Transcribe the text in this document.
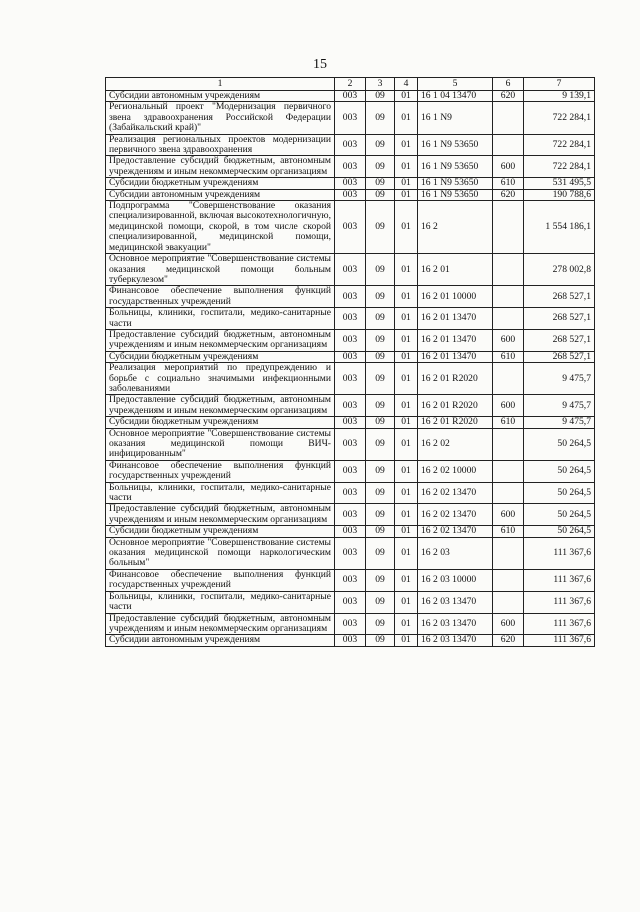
15
1	2	3	4	5	6	7
Субсидии автономным учреждениям	003	09	01	16 1 04 13470	620	9 139,1
Региональный проект "Модернизация первичного звена здравоохранения Российской Федерации (Забайкальский край)"	003	09	01	16 1 N9		722 284,1
Реализация региональных проектов модернизации первичного звена здравоохранения	003	09	01	16 1 N9 53650		722 284,1
Предоставление субсидий бюджетным, автономным учреждениям и иным некоммерческим организациям	003	09	01	16 1 N9 53650	600	722 284,1
Субсидии бюджетным учреждениям	003	09	01	16 1 N9 53650	610	531 495,5
Субсидии автономным учреждениям	003	09	01	16 1 N9 53650	620	190 788,6
Подпрограмма "Совершенствование оказания специализированной, включая высокотехнологичную, медицинской помощи, скорой, в том числе скорой специализированной, медицинской помощи, медицинской эвакуации"	003	09	01	16 2		1 554 186,1
Основное мероприятие "Совершенствование системы оказания медицинской помощи больным туберкулезом"	003	09	01	16 2 01		278 002,8
Финансовое обеспечение выполнения функций государственных учреждений	003	09	01	16 2 01 10000		268 527,1
Больницы, клиники, госпитали, медико-санитарные части	003	09	01	16 2 01 13470		268 527,1
Предоставление субсидий бюджетным, автономным учреждениям и иным некоммерческим организациям	003	09	01	16 2 01 13470	600	268 527,1
Субсидии бюджетным учреждениям	003	09	01	16 2 01 13470	610	268 527,1
Реализация мероприятий по предупреждению и борьбе с социально значимыми инфекционными заболеваниями	003	09	01	16 2 01 R2020		9 475,7
Предоставление субсидий бюджетным, автономным учреждениям и иным некоммерческим организациям	003	09	01	16 2 01 R2020	600	9 475,7
Субсидии бюджетным учреждениям	003	09	01	16 2 01 R2020	610	9 475,7
Основное мероприятие "Совершенствование системы оказания медицинской помощи ВИЧ-инфицированным"	003	09	01	16 2 02		50 264,5
Финансовое обеспечение выполнения функций государственных учреждений	003	09	01	16 2 02 10000		50 264,5
Больницы, клиники, госпитали, медико-санитарные части	003	09	01	16 2 02 13470		50 264,5
Предоставление субсидий бюджетным, автономным учреждениям и иным некоммерческим организациям	003	09	01	16 2 02 13470	600	50 264,5
Субсидии бюджетным учреждениям	003	09	01	16 2 02 13470	610	50 264,5
Основное мероприятие "Совершенствование системы оказания медицинской помощи наркологическим больным"	003	09	01	16 2 03		111 367,6
Финансовое обеспечение выполнения функций государственных учреждений	003	09	01	16 2 03 10000		111 367,6
Больницы, клиники, госпитали, медико-санитарные части	003	09	01	16 2 03 13470		111 367,6
Предоставление субсидий бюджетным, автономным учреждениям и иным некоммерческим организациям	003	09	01	16 2 03 13470	600	111 367,6
Субсидии автономным учреждениям	003	09	01	16 2 03 13470	620	111 367,6
